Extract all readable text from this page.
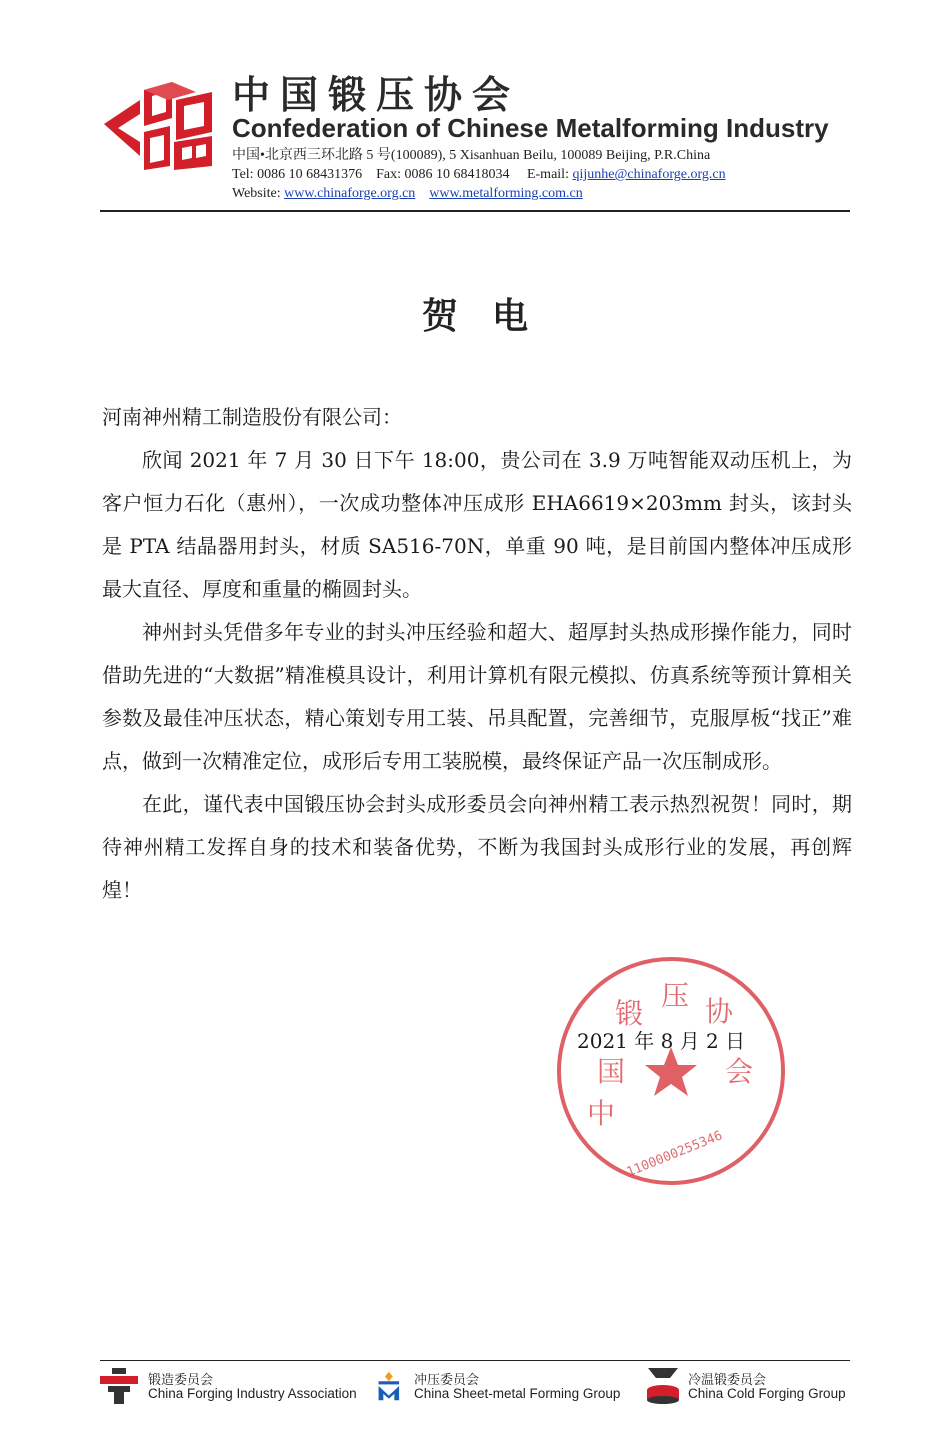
中国锻压协会
Confederation of Chinese Metalforming Industry
中国•北京西三环北路 5 号(100089), 5 Xisanhuan Beilu, 100089 Beijing, P.R.China
Tel: 0086 10 68431376 Fax: 0086 10 68418034 E-mail: qijunhe@chinaforge.org.cn
Website: www.chinaforge.org.cn www.metalforming.com.cn
贺电

河南神州精工制造股份有限公司：

欣闻 2021 年 7 月 30 日下午 18:00，贵公司在 3.9 万吨智能双动压机上，为客户恒力石化（惠州），一次成功整体冲压成形 EHA6619×203mm 封头，该封头是 PTA 结晶器用封头，材质 SA516-70N，单重 90 吨，是目前国内整体冲压成形最大直径、厚度和重量的椭圆封头。

神州封头凭借多年专业的封头冲压经验和超大、超厚封头热成形操作能力，同时借助先进的“大数据”精准模具设计，利用计算机有限元模拟、仿真系统等预计算相关参数及最佳冲压状态，精心策划专用工装、吊具配置，完善细节，克服厚板“找正”难点，做到一次精准定位，成形后专用工装脱模，最终保证产品一次压制成形。

在此，谨代表中国锻压协会封头成形委员会向神州精工表示热烈祝贺！同时，期待神州精工发挥自身的技术和装备优势，不断为我国封头成形行业的发展，再创辉煌！

中
国
锻
压 协
会
1100000255346
2021 年 8 月 2 日
锻造委员会
China Forging Industry Association
冲压委员会
China Sheet-metal Forming Group
冷温锻委员会
China Cold Forging Group
